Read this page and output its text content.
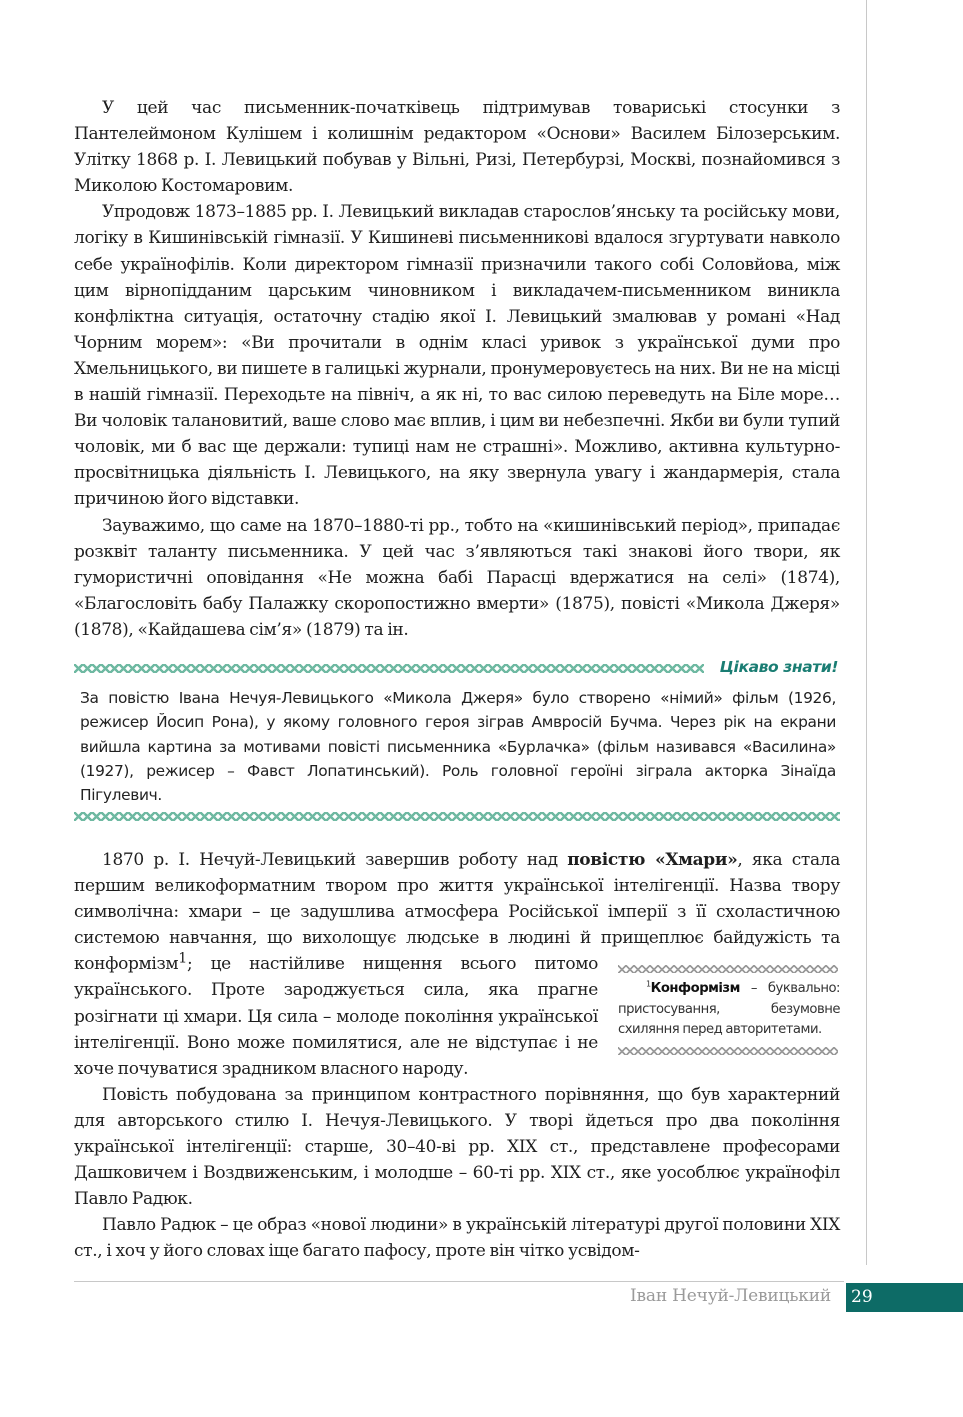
У цей час письменник-початківець підтримував товариські стосунки з Пантелеймоном Кулішем і колишнім редактором «Основи» Василем Білозерським. Улітку 1868 р. І. Левицький побував у Вільні, Ризі, Петербурзі, Москві, познайомився з Миколою Костомаровим.

Упродовж 1873–1885 рр. І. Левицький викладав старослов’янську та російську мови, логіку в Кишинівській гімназії. У Кишиневі письменникові вдалося згуртувати навколо себе українофілів. Коли директором гімназії призначили такого собі Соловйова, між цим вірнопідданим царським чиновником і викладачем-письменником виникла конфліктна ситуація, остаточну стадію якої І. Левицький змалював у романі «Над Чорним морем»: «Ви прочитали в однім класі уривок з української думи про Хмельницького, ви пишете в галицькі журнали, пронумеровуєтесь на них. Ви не на місці в нашій гімназії. Переходьте на північ, а як ні, то вас силою переведуть на Біле море… Ви чоловік талановитий, ваше слово має вплив, і цим ви небезпечні. Якби ви були тупий чоловік, ми б вас ще держали: тупиці нам не страшні». Можливо, активна культурно-просвітницька діяльність І. Левицького, на яку звернула увагу і жандармерія, стала причиною його відставки.

Зауважимо, що саме на 1870–1880-ті рр., тобто на «кишинівський період», припадає розквіт таланту письменника. У цей час з’являються такі знакові його твори, як гумористичні оповідання «Не можна бабі Парасці вдержатися на селі» (1874), «Благословіть бабу Палажку скоропостижно вмерти» (1875), повісті «Микола Джеря» (1878), «Кайдашева сім’я» (1879) та ін.

Цікаво знати!
За повістю Івана Нечуя-Левицького «Микола Джеря» було створено «німий» фільм (1926, режисер Йосип Рона), у якому головного героя зіграв Амвросій Бучма. Через рік на екрани вийшла картина за мотивами повісті письменника «Бурлачка» (фільм називався «Василина» (1927), режисер – Фавст Лопатинський). Роль головної героїні зіграла акторка Зінаїда Пігулевич.

1870 р. І. Нечуй-Левицький завершив роботу над повістю «Хмари», яка стала першим великоформатним твором про життя української інтелігенції. Назва твору символічна: хмари – це задушлива атмосфера Російської імперії з її схоластичною системою навчання, що вихолощує людське в людині й прищеплює байдужість та конформізм$^1$
$^1$Конформізм – буквально: пристосування, безумовне схиляння перед авторитетами.
; це настійливе нищення всього питомо українського. Проте зароджується сила, яка прагне розігнати ці хмари. Ця сила – молоде покоління української інтелігенції. Воно може помилятися, але не відступає і не хоче почуватися зрадником власного народу.

Повість побудована за принципом контрастного порівняння, що був характерний для авторського стилю І. Нечуя-Левицького. У творі йдеться про два покоління української інтелігенції: старше, 30–40-ві рр. XIX ст., представлене професорами Дашковичем і Воздвиженським, і молодше – 60-ті рр. XIX ст., яке уособлює українофіл Павло Радюк.

Павло Радюк – це образ «нової людини» в українській літературі другої половини XIX ст., і хоч у його словах іще багато пафосу, проте він чітко усвідом-

Іван Нечуй-Левицький 29
